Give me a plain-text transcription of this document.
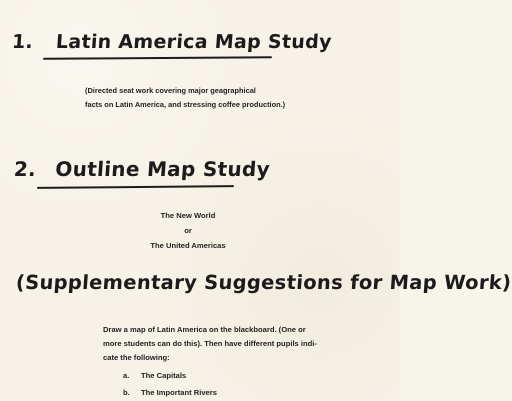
1. Latin America Map Study
(Directed seat work covering major geagraphical
facts on Latin America, and stressing coffee production.)
2. Outline Map Study
The New World
or
The United Americas
(Supplementary Suggestions for Map Work)
Draw a map of Latin America on the blackboard. (One or
more students can do this). Then have different pupils indi-
cate the following:
a. The Capitals
b. The Important Rivers
